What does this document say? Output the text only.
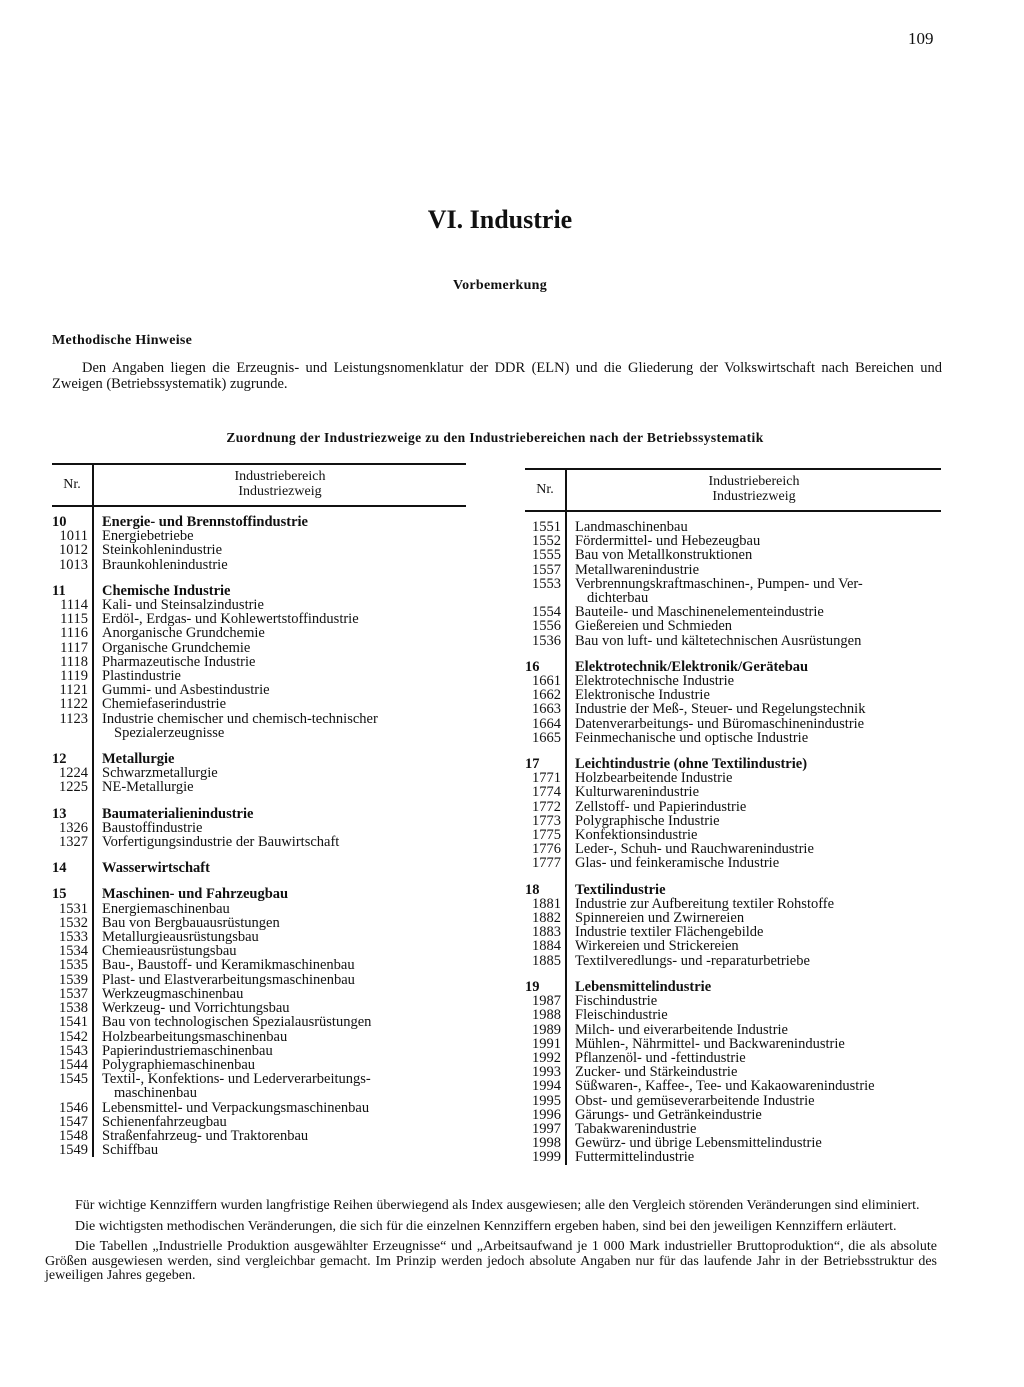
109
VI. Industrie
Vorbemerkung
Methodische Hinweise
Den Angaben liegen die Erzeugnis- und Leistungsnomenklatur der DDR (ELN) und die Gliederung der Volkswirtschaft nach Bereichen und Zweigen (Betriebssystematik) zugrunde.
Zuordnung der Industriezweige zu den Industriebereichen nach der Betriebssystematik
Nr.
Industriebereich
Industriezweig
10	Energie- und Brennstoffindustrie
1011 Energiebetriebe
1012 Steinkohlenindustrie
1013 Braunkohlenindustrie
11	Chemische Industrie
1114 Kali- und Steinsalzindustrie
1115 Erdöl-, Erdgas- und Kohlewertstoffindustrie
1116 Anorganische Grundchemie
1117 Organische Grundchemie
1118 Pharmazeutische Industrie
1119 Plastindustrie
1121 Gummi- und Asbestindustrie
1122 Chemiefaserindustrie
1123 Industrie chemischer und chemisch-technischer
Spezialerzeugnisse
12	Metallurgie
1224 Schwarzmetallurgie
1225 NE-Metallurgie
13	Baumaterialienindustrie
1326 Baustoffindustrie
1327 Vorfertigungsindustrie der Bauwirtschaft
14	Wasserwirtschaft
15	Maschinen- und Fahrzeugbau
1531 Energiemaschinenbau
1532 Bau von Bergbauausrüstungen
1533 Metallurgieausrüstungsbau
1534 Chemieausrüstungsbau
1535 Bau-, Baustoff- und Keramikmaschinenbau
1539 Plast- und Elastverarbeitungsmaschinenbau
1537 Werkzeugmaschinenbau
1538 Werkzeug- und Vorrichtungsbau
1541 Bau von technologischen Spezialausrüstungen
1542 Holzbearbeitungsmaschinenbau
1543 Papierindustriemaschinenbau
1544 Polygraphiemaschinenbau
1545 Textil-, Konfektions- und Lederverarbeitungs-
maschinenbau
1546 Lebensmittel- und Verpackungsmaschinenbau
1547 Schienenfahrzeugbau
1548 Straßenfahrzeug- und Traktorenbau
1549 Schiffbau
Nr.
Industriebereich
Industriezweig
1551 Landmaschinenbau
1552 Fördermittel- und Hebezeugbau
1555 Bau von Metallkonstruktionen
1557 Metallwarenindustrie
1553 Verbrennungskraftmaschinen-, Pumpen- und Ver-
dichterbau
1554 Bauteile- und Maschinenelementeindustrie
1556 Gießereien und Schmieden
1536 Bau von luft- und kältetechnischen Ausrüstungen
16	Elektrotechnik/Elektronik/Gerätebau
1661 Elektrotechnische Industrie
1662 Elektronische Industrie
1663 Industrie der Meß-, Steuer- und Regelungstechnik
1664 Datenverarbeitungs- und Büromaschinenindustrie
1665 Feinmechanische und optische Industrie
17	Leichtindustrie (ohne Textilindustrie)
1771 Holzbearbeitende Industrie
1774 Kulturwarenindustrie
1772 Zellstoff- und Papierindustrie
1773 Polygraphische Industrie
1775 Konfektionsindustrie
1776 Leder-, Schuh- und Rauchwarenindustrie
1777 Glas- und feinkeramische Industrie
18	Textilindustrie
1881 Industrie zur Aufbereitung textiler Rohstoffe
1882 Spinnereien und Zwirnereien
1883 Industrie textiler Flächengebilde
1884 Wirkereien und Strickereien
1885 Textilveredlungs- und -reparaturbetriebe
19	Lebensmittelindustrie
1987 Fischindustrie
1988 Fleischindustrie
1989 Milch- und eiverarbeitende Industrie
1991 Mühlen-, Nährmittel- und Backwarenindustrie
1992 Pflanzenöl- und -fettindustrie
1993 Zucker- und Stärkeindustrie
1994 Süßwaren-, Kaffee-, Tee- und Kakaowarenindustrie
1995 Obst- und gemüseverarbeitende Industrie
1996 Gärungs- und Getränkeindustrie
1997 Tabakwarenindustrie
1998 Gewürz- und übrige Lebensmittelindustrie
1999 Futtermittelindustrie

Für wichtige Kennziffern wurden langfristige Reihen überwiegend als Index ausgewiesen; alle den Vergleich störenden Veränderungen sind eliminiert.

Die wichtigsten methodischen Veränderungen, die sich für die einzelnen Kennziffern ergeben haben, sind bei den jeweiligen Kennziffern erläutert.

Die Tabellen „Industrielle Produktion ausgewählter Erzeugnisse“ und „Arbeitsaufwand je 1 000 Mark industrieller Bruttoproduktion“, die als absolute Größen ausgewiesen werden, sind vergleichbar gemacht. Im Prinzip werden jedoch absolute Angaben nur für das laufende Jahr in der Betriebsstruktur des jeweiligen Jahres gegeben.
